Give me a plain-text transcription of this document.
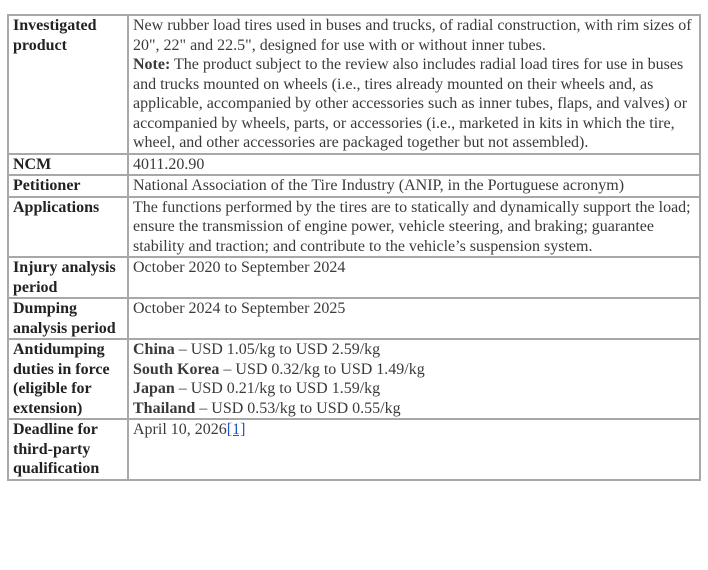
Investigated product	New rubber load tires used in buses and trucks, of radial construction, with rim sizes of 20", 22" and 22.5", designed for use with or without inner tubes.
Note: The product subject to the review also includes radial load tires for use in buses and trucks mounted on wheels (i.e., tires already mounted on their wheels and, as applicable, accompanied by other accessories such as inner tubes, flaps, and valves) or accompanied by wheels, parts, or accessories (i.e., marketed in kits in which the tire, wheel, and other accessories are packaged together but not assembled).
NCM	4011.20.90
Petitioner	National Association of the Tire Industry (ANIP, in the Portuguese acronym)
Applications	The functions performed by the tires are to statically and dynamically support the load; ensure the transmission of engine power, vehicle steering, and braking; guarantee stability and traction; and contribute to the vehicle’s suspension system.
Injury analysis period	October 2020 to September 2024
Dumping analysis period	October 2024 to September 2025
Antidumping duties in force (eligible for extension)	China – USD 1.05/kg to USD 2.59/kg
South Korea – USD 0.32/kg to USD 1.49/kg
Japan – USD 0.21/kg to USD 1.59/kg
Thailand – USD 0.53/kg to USD 0.55/kg

Deadline for third-party qualification	April 10, 2026[1]
